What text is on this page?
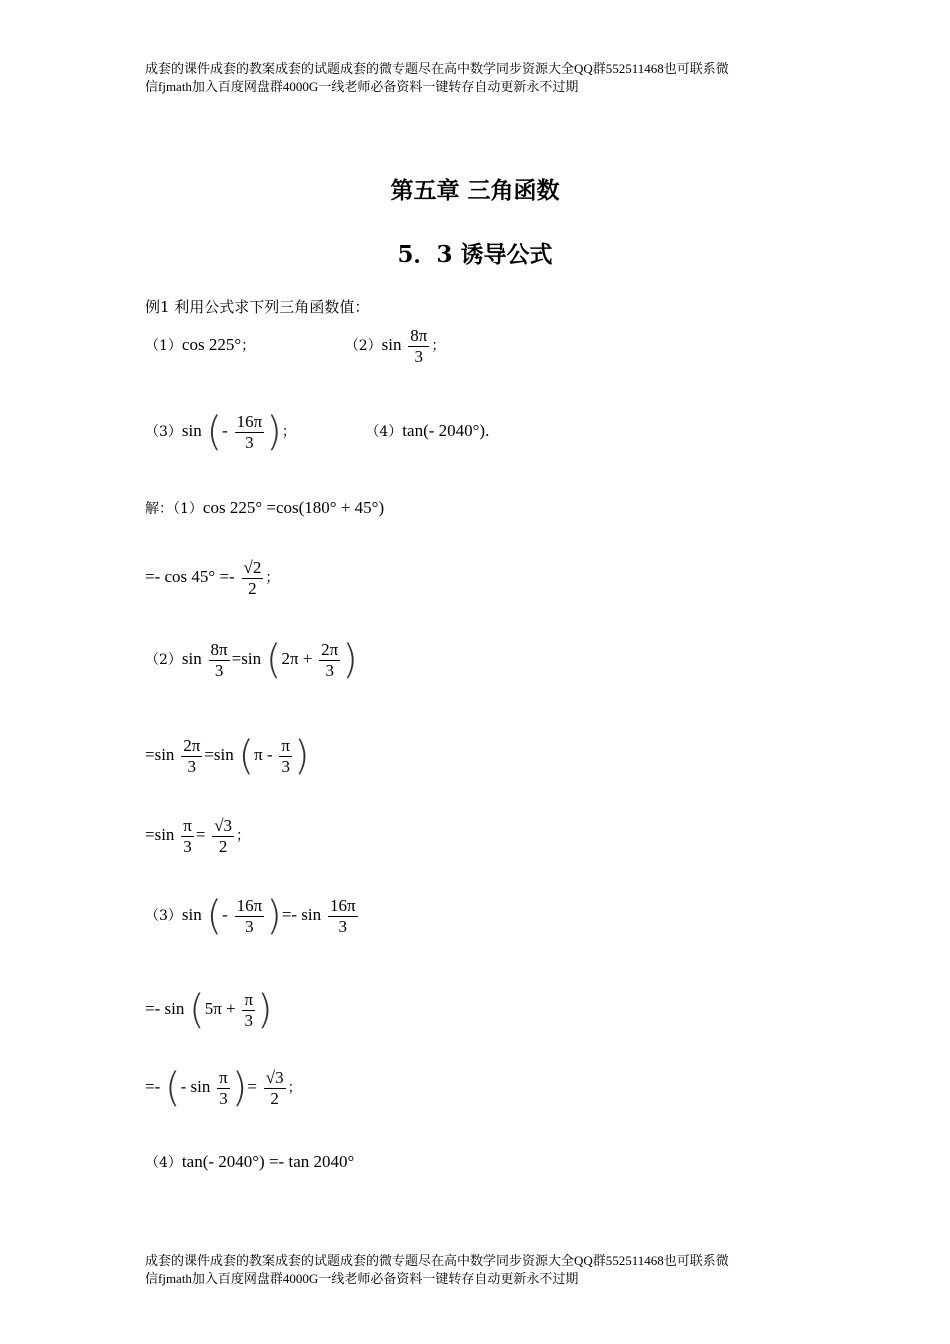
成套的课件成套的教案成套的试题成套的微专题尽在高中数学同步资源大全QQ群552511468也可联系微
信fjmath加入百度网盘群4000G一线老师必备资料一键转存自动更新永不过期
第五章 三角函数
5．3 诱导公式
例1 利用公式求下列三角函数值：
（1）cos 225°；	$(2)\sin \frac{8\pi}{3}$ ；
（3）sin (- $\frac{16\pi}{3}$ )；	（4）tan(- 2040°).
解：（1）cos 225° =cos(180° + 45°)
=- $\cos 45^\circ =- \frac{√2}{2}$ ；
$(2)\sin \frac{8\pi}{3} =\sin$ ($2\pi + \frac{2\pi}{3}$ )
$=\sin \frac{2\pi}{3} =\sin$ ($\pi - \frac{\pi}{3}$ )
$=\sin \frac{\pi}{3} = \frac{√3}{2}$ ；
（3）sin (- $\frac{16\pi}{3}$ )=- $\sin \frac{16\pi}{3}$
=- $\sin (5\pi + \frac{\pi}{3}$ )
=- (- $\sin \frac{\pi}{3}$ )= $\frac{√3}{2}$ ；
（4）tan(- 2040°) =- tan 2040°
成套的课件成套的教案成套的试题成套的微专题尽在高中数学同步资源大全QQ群552511468也可联系微
信fjmath加入百度网盘群4000G一线老师必备资料一键转存自动更新永不过期
